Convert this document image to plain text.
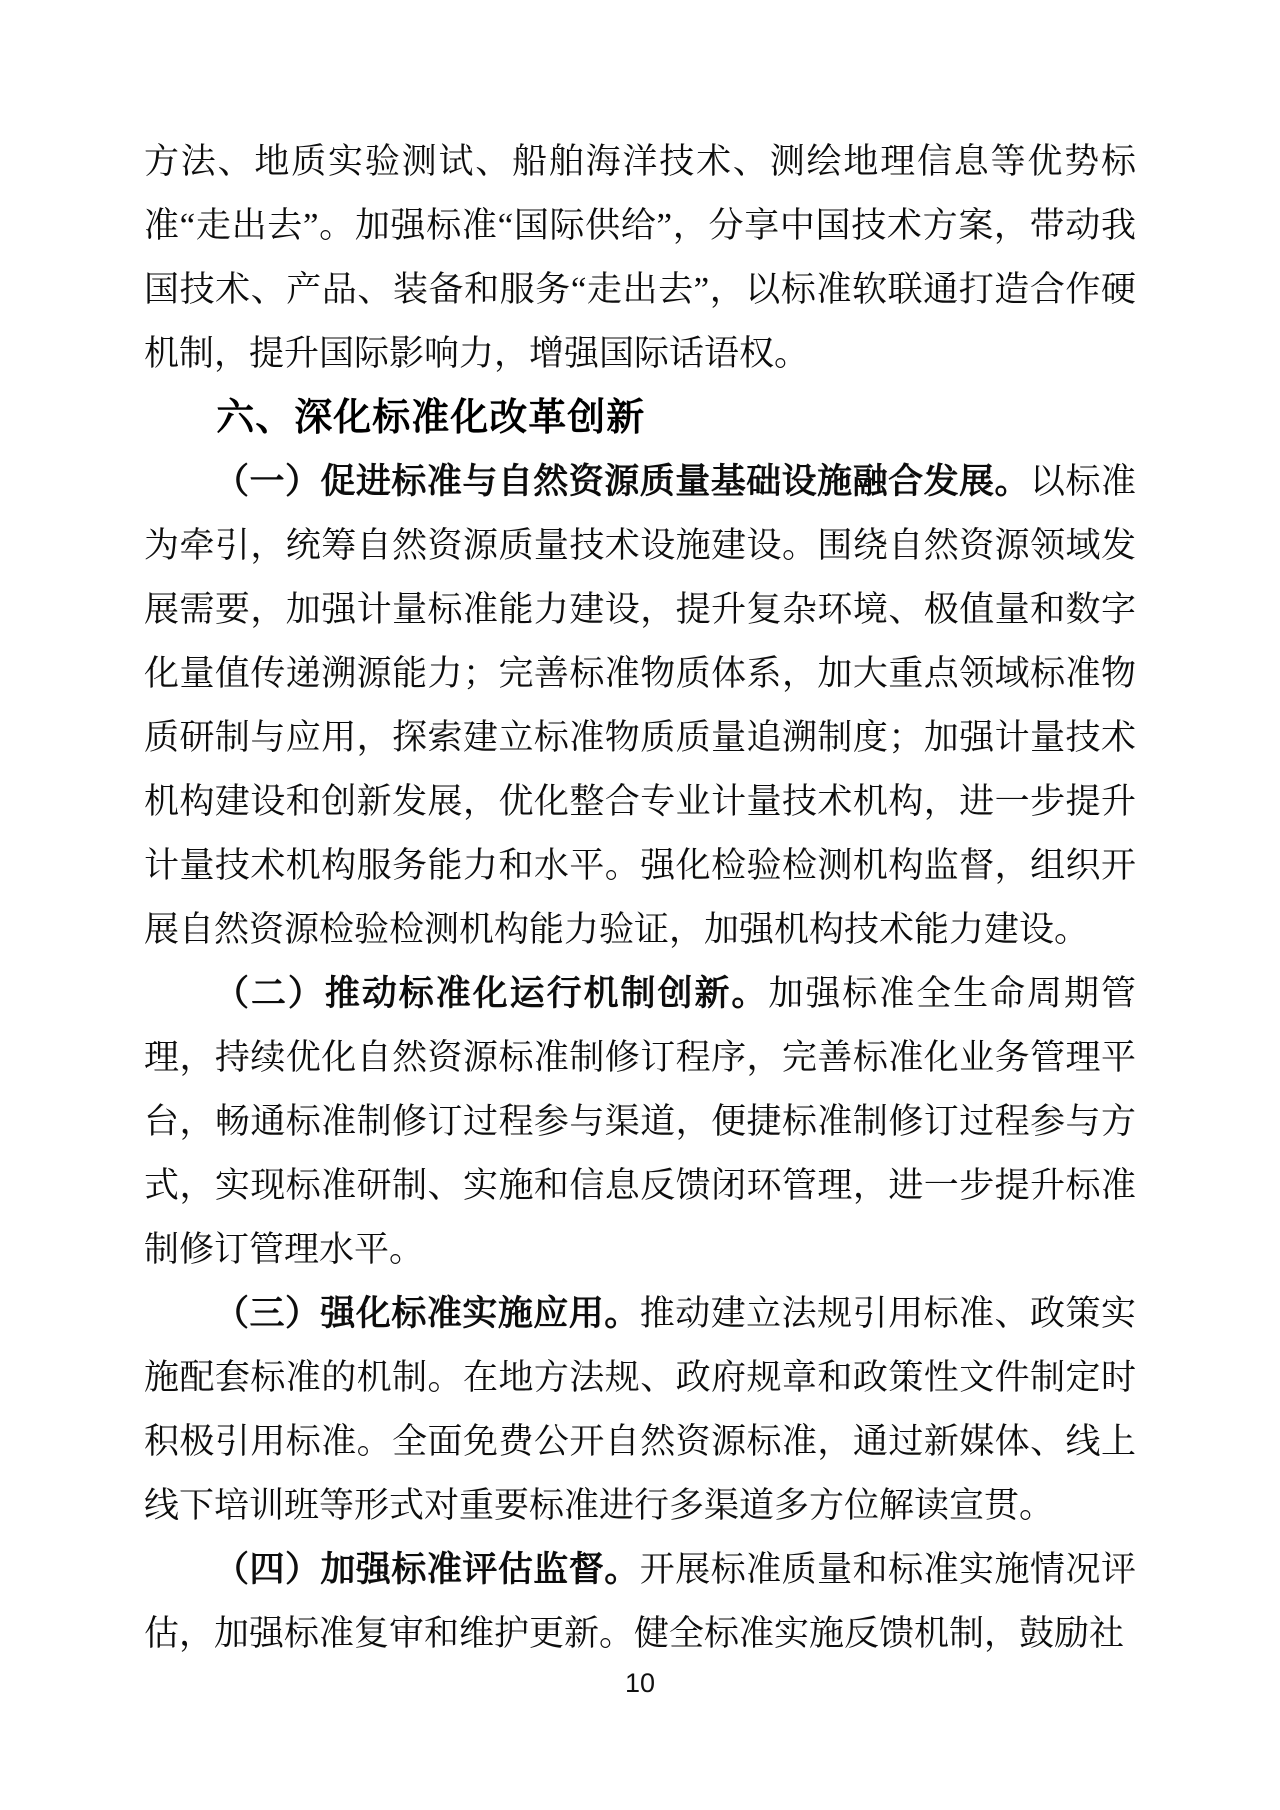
方法、地质实验测试、船舶海洋技术、测绘地理信息等优势标准“走出去”。加强标准“国际供给”，分享中国技术方案，带动我国技术、产品、装备和服务“走出去”，以标准软联通打造合作硬机制，提升国际影响力，增强国际话语权。

六、深化标准化改革创新

（一）促进标准与自然资源质量基础设施融合发展。以标准为牵引，统筹自然资源质量技术设施建设。围绕自然资源领域发展需要，加强计量标准能力建设，提升复杂环境、极值量和数字化量值传递溯源能力；完善标准物质体系，加大重点领域标准物质研制与应用，探索建立标准物质质量追溯制度；加强计量技术机构建设和创新发展，优化整合专业计量技术机构，进一步提升计量技术机构服务能力和水平。强化检验检测机构监督，组织开展自然资源检验检测机构能力验证，加强机构技术能力建设。

（二）推动标准化运行机制创新。加强标准全生命周期管理，持续优化自然资源标准制修订程序，完善标准化业务管理平台，畅通标准制修订过程参与渠道，便捷标准制修订过程参与方式，实现标准研制、实施和信息反馈闭环管理，进一步提升标准制修订管理水平。

（三）强化标准实施应用。推动建立法规引用标准、政策实施配套标准的机制。在地方法规、政府规章和政策性文件制定时积极引用标准。全面免费公开自然资源标准，通过新媒体、线上线下培训班等形式对重要标准进行多渠道多方位解读宣贯。

（四）加强标准评估监督。开展标准质量和标准实施情况评估，加强标准复审和维护更新。健全标准实施反馈机制，鼓励社

10
